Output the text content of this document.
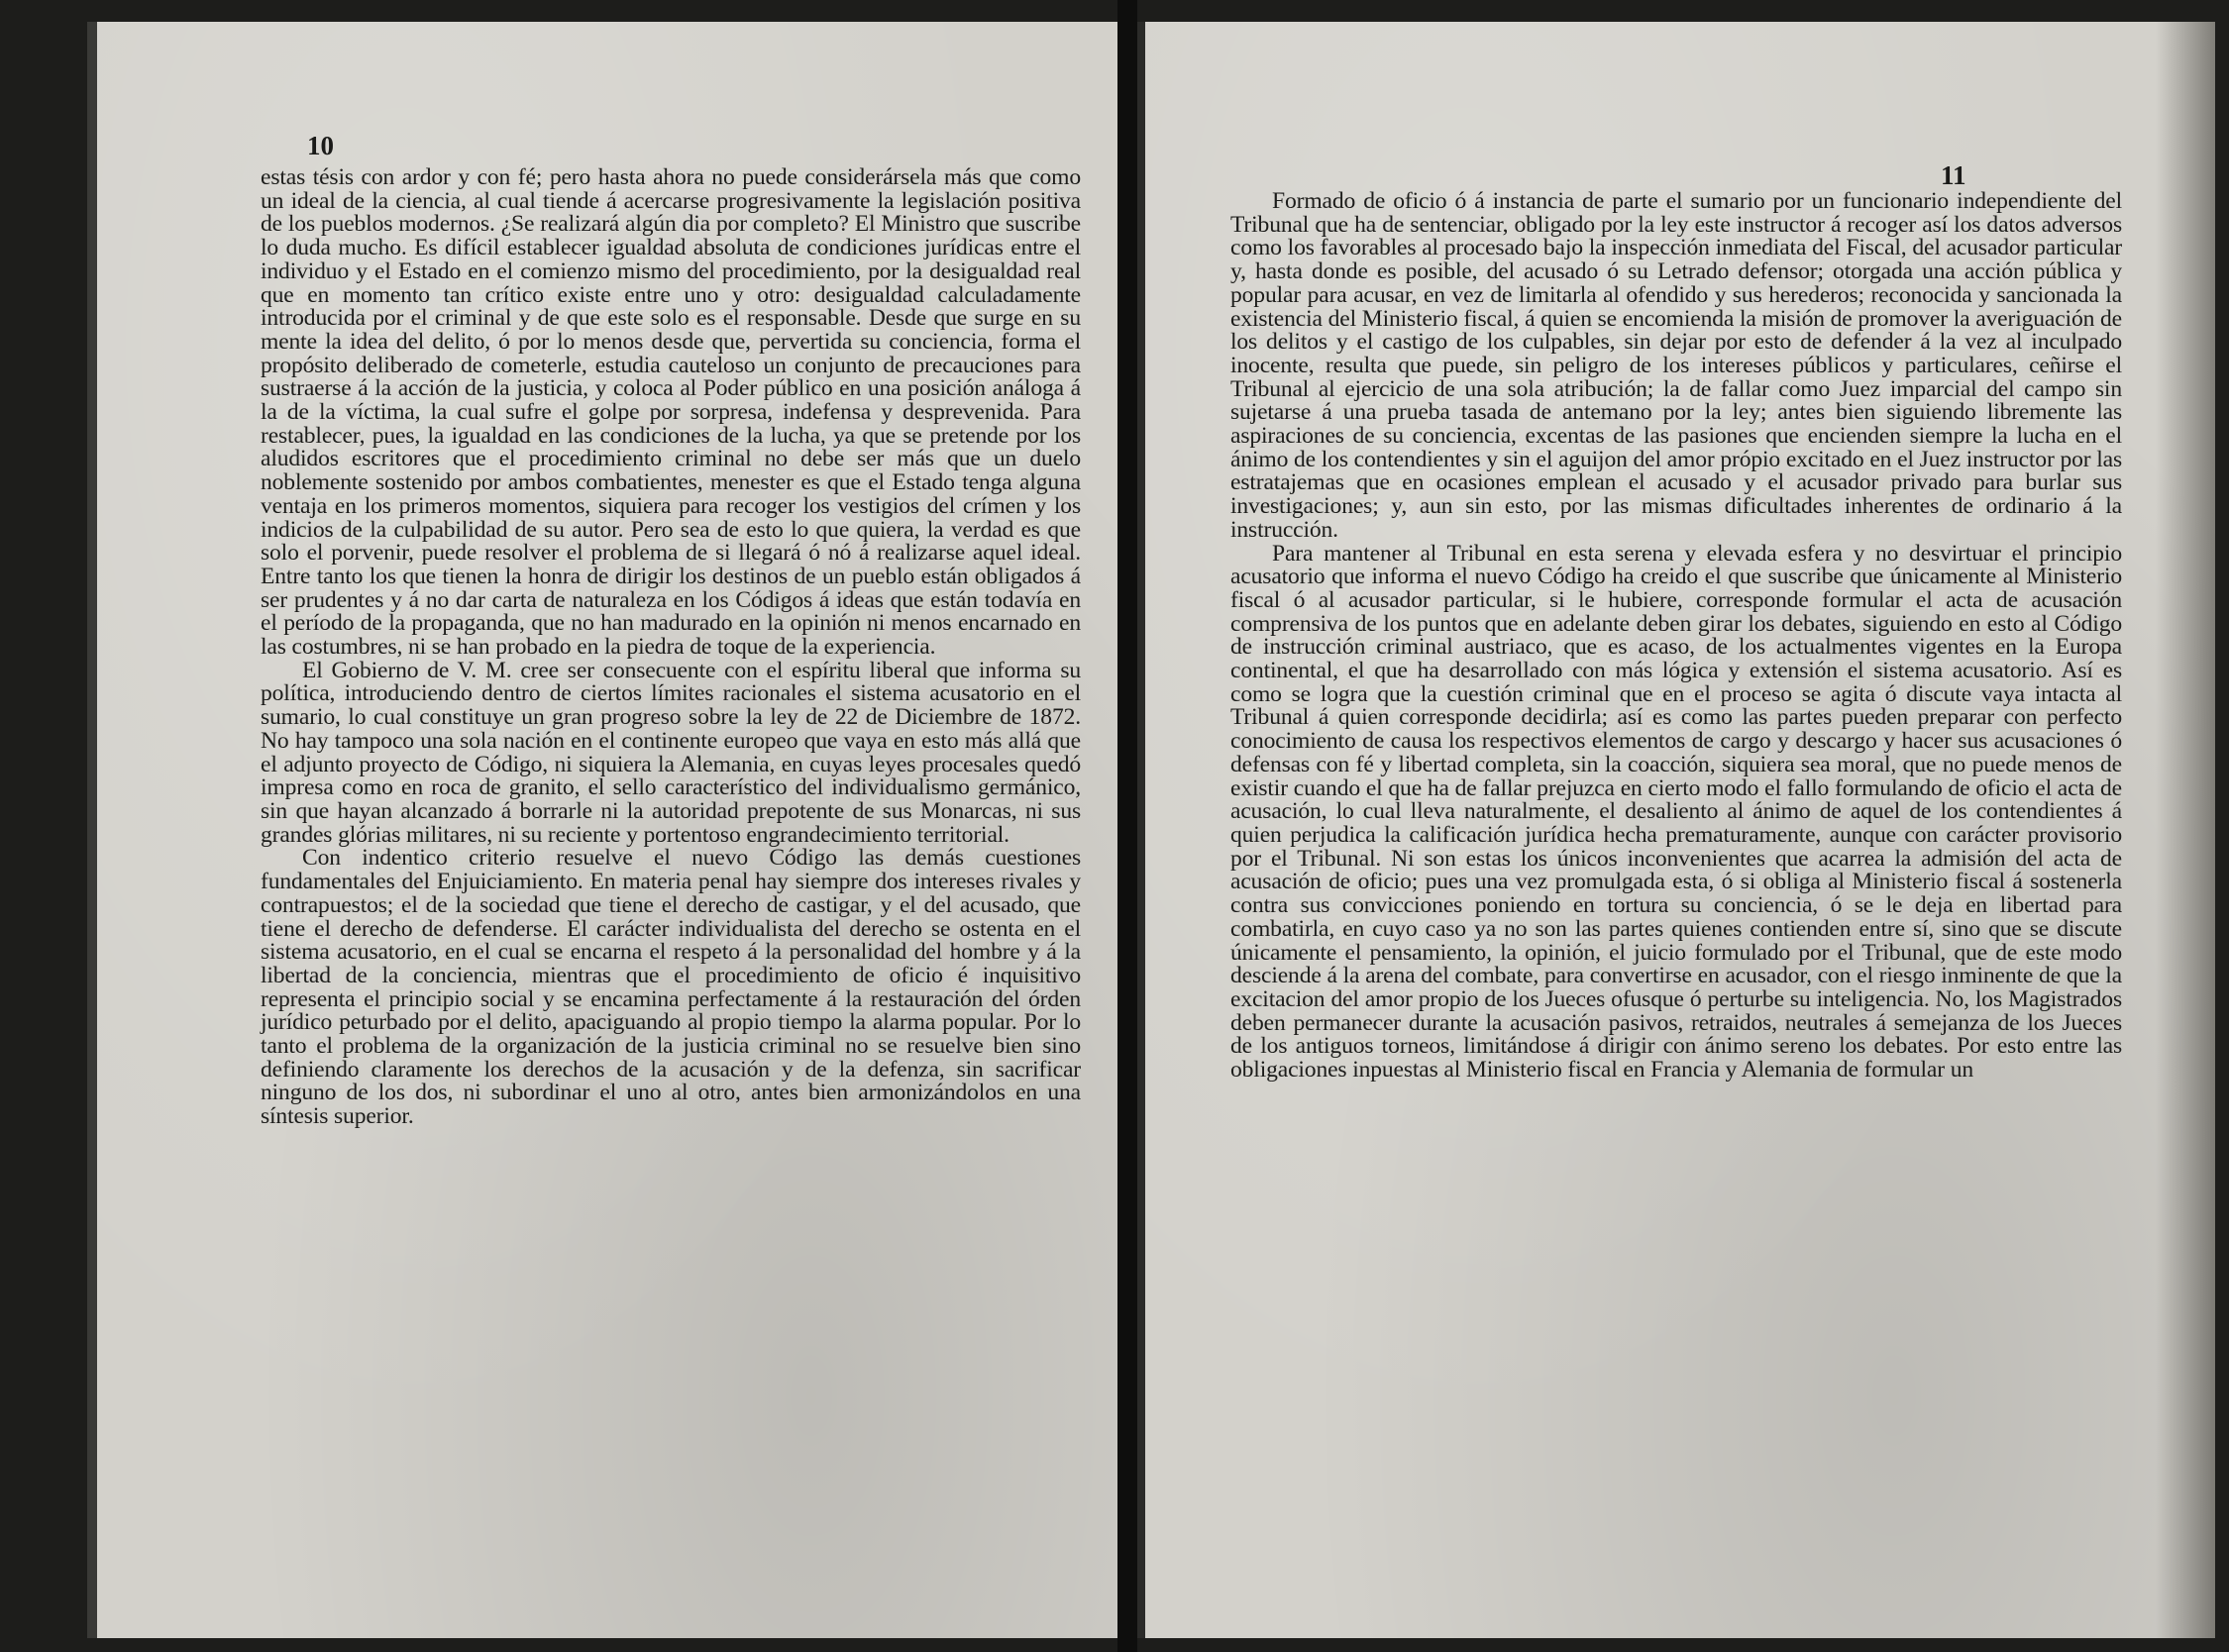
10

estas tésis con ardor y con fé; pero hasta ahora no puede considerársela más que como un ideal de la ciencia, al cual tiende á acercarse progresivamente la legislación positiva de los pueblos modernos. ¿Se realizará algún dia por completo? El Ministro que suscribe lo duda mucho. Es difícil establecer igualdad absoluta de condiciones jurídicas entre el individuo y el Estado en el comienzo mismo del procedimiento, por la desigualdad real que en momento tan crítico existe entre uno y otro: desigualdad calculadamente introducida por el criminal y de que este solo es el responsable. Desde que surge en su mente la idea del delito, ó por lo menos desde que, pervertida su conciencia, forma el propósito deliberado de cometerle, estudia cauteloso un conjunto de precauciones para sustraerse á la acción de la justicia, y coloca al Poder público en una posición análoga á la de la víctima, la cual sufre el golpe por sorpresa, indefensa y desprevenida. Para restablecer, pues, la igualdad en las condiciones de la lucha, ya que se pretende por los aludidos escritores que el procedimiento criminal no debe ser más que un duelo noblemente sostenido por ambos combatientes, menester es que el Estado tenga alguna ventaja en los primeros momentos, siquiera para recoger los vestigios del crímen y los indicios de la culpabilidad de su autor. Pero sea de esto lo que quiera, la verdad es que solo el porvenir, puede resolver el problema de si llegará ó nó á realizarse aquel ideal. Entre tanto los que tienen la honra de dirigir los destinos de un pueblo están obligados á ser prudentes y á no dar carta de naturaleza en los Códigos á ideas que están todavía en el período de la propaganda, que no han madurado en la opinión ni menos encarnado en las costumbres, ni se han probado en la piedra de toque de la experiencia.

El Gobierno de V. M. cree ser consecuente con el espíritu liberal que informa su política, introduciendo dentro de ciertos límites racionales el sistema acusatorio en el sumario, lo cual constituye un gran progreso sobre la ley de 22 de Diciembre de 1872. No hay tampoco una sola nación en el continente europeo que vaya en esto más allá que el adjunto proyecto de Código, ni siquiera la Alemania, en cuyas leyes procesales quedó impresa como en roca de granito, el sello característico del individualismo germánico, sin que hayan alcanzado á borrarle ni la autoridad prepotente de sus Monarcas, ni sus grandes glórias militares, ni su reciente y portentoso engrandecimiento territorial.

Con indentico criterio resuelve el nuevo Código las demás cuestiones fundamentales del Enjuiciamiento. En materia penal hay siempre dos intereses rivales y contrapuestos; el de la sociedad que tiene el derecho de castigar, y el del acusado, que tiene el derecho de defenderse. El carácter individualista del derecho se ostenta en el sistema acusatorio, en el cual se encarna el respeto á la personalidad del hombre y á la libertad de la conciencia, mientras que el procedimiento de oficio é inquisitivo representa el principio social y se encamina perfectamente á la restauración del órden jurídico peturbado por el delito, apaciguando al propio tiempo la alarma popular. Por lo tanto el problema de la organización de la justicia criminal no se resuelve bien sino definiendo claramente los derechos de la acusación y de la defenza, sin sacrificar ninguno de los dos, ni subordinar el uno al otro, antes bien armonizándolos en una síntesis superior.

11

Formado de oficio ó á instancia de parte el sumario por un funcionario independiente del Tribunal que ha de sentenciar, obligado por la ley este instructor á recoger así los datos adversos como los favorables al procesado bajo la inspección inmediata del Fiscal, del acusador particular y, hasta donde es posible, del acusado ó su Letrado defensor; otorgada una acción pública y popular para acusar, en vez de limitarla al ofendido y sus herederos; reconocida y sancionada la existencia del Ministerio fiscal, á quien se encomienda la misión de promover la averiguación de los delitos y el castigo de los culpables, sin dejar por esto de defender á la vez al inculpado inocente, resulta que puede, sin peligro de los intereses públicos y particulares, ceñirse el Tribunal al ejercicio de una sola atribución; la de fallar como Juez imparcial del campo sin sujetarse á una prueba tasada de antemano por la ley; antes bien siguiendo libremente las aspiraciones de su conciencia, excentas de las pasiones que encienden siempre la lucha en el ánimo de los contendientes y sin el aguijon del amor própio excitado en el Juez instructor por las estratajemas que en ocasiones emplean el acusado y el acusador privado para burlar sus investigaciones; y, aun sin esto, por las mismas dificultades inherentes de ordinario á la instrucción.

Para mantener al Tribunal en esta serena y elevada esfera y no desvirtuar el principio acusatorio que informa el nuevo Código ha creido el que suscribe que únicamente al Ministerio fiscal ó al acusador particular, si le hubiere, corresponde formular el acta de acusación comprensiva de los puntos que en adelante deben girar los debates, siguiendo en esto al Código de instrucción criminal austriaco, que es acaso, de los actualmentes vigentes en la Europa continental, el que ha desarrollado con más lógica y extensión el sistema acusatorio. Así es como se logra que la cuestión criminal que en el proceso se agita ó discute vaya intacta al Tribunal á quien corresponde decidirla; así es como las partes pueden preparar con perfecto conocimiento de causa los respectivos elementos de cargo y descargo y hacer sus acusaciones ó defensas con fé y libertad completa, sin la coacción, siquiera sea moral, que no puede menos de existir cuando el que ha de fallar prejuzca en cierto modo el fallo formulando de oficio el acta de acusación, lo cual lleva naturalmente, el desaliento al ánimo de aquel de los contendientes á quien perjudica la calificación jurídica hecha prematuramente, aunque con carácter provisorio por el Tribunal. Ni son estas los únicos inconvenientes que acarrea la admisión del acta de acusación de oficio; pues una vez promulgada esta, ó si obliga al Ministerio fiscal á sostenerla contra sus convicciones poniendo en tortura su conciencia, ó se le deja en libertad para combatirla, en cuyo caso ya no son las partes quienes contienden entre sí, sino que se discute únicamente el pensamiento, la opinión, el juicio formulado por el Tribunal, que de este modo desciende á la arena del combate, para convertirse en acusador, con el riesgo inminente de que la excitacion del amor propio de los Jueces ofusque ó perturbe su inteligencia. No, los Magistrados deben permanecer durante la acusación pasivos, retraidos, neutrales á semejanza de los Jueces de los antiguos torneos, limitándose á dirigir con ánimo sereno los debates. Por esto entre las obligaciones inpuestas al Ministerio fiscal en Francia y Alemania de formular un
